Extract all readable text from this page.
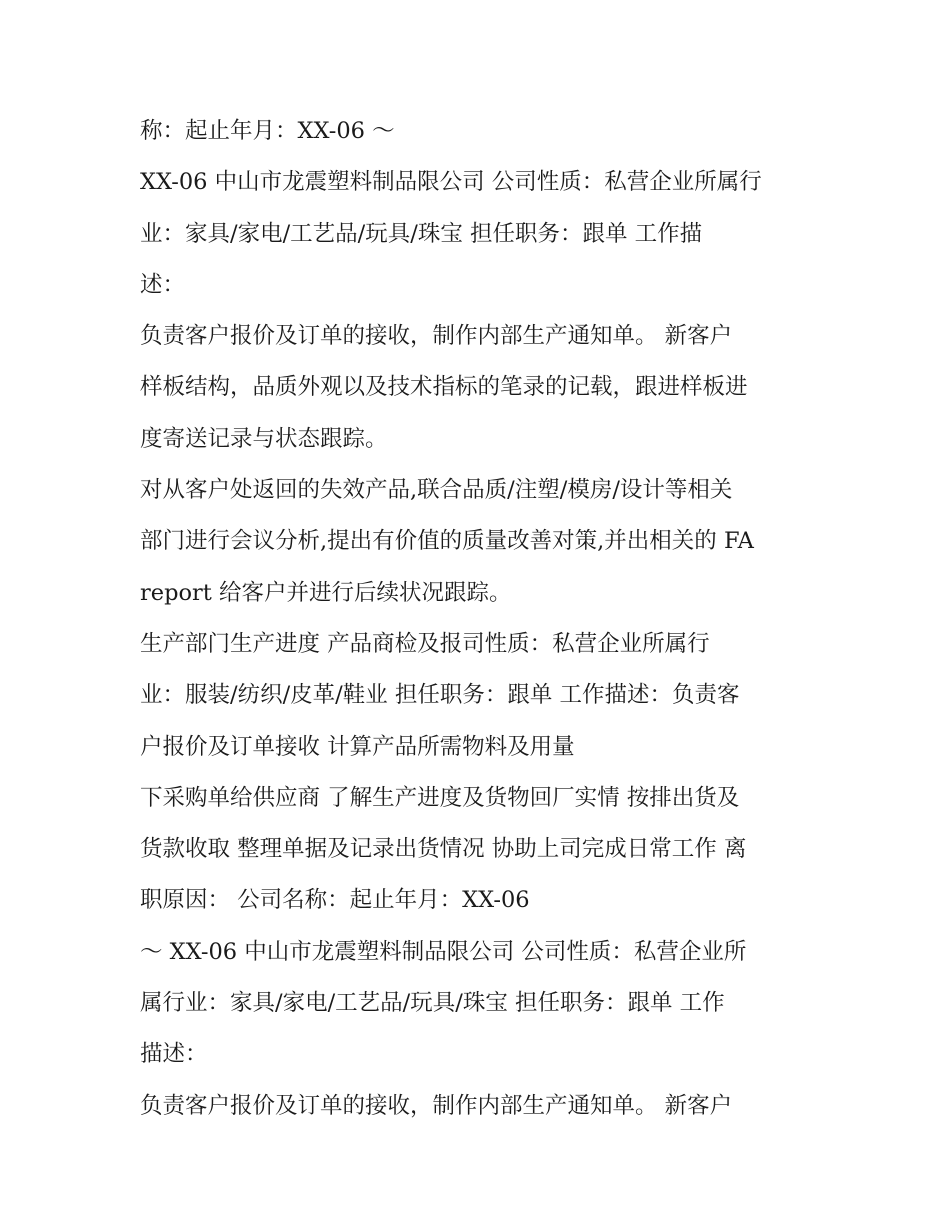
称：起止年月：XX-06 ～
XX-06 中山市龙震塑料制品限公司 公司性质：私营企业所属行
业：家具/家电/工艺品/玩具/珠宝 担任职务：跟单 工作描
述：
负责客户报价及订单的接收，制作内部生产通知单。 新客户
样板结构，品质外观以及技术指标的笔录的记载，跟进样板进
度寄送记录与状态跟踪。
对从客户处返回的失效产品,联合品质/注塑/模房/设计等相关
部门进行会议分析,提出有价值的质量改善对策,并出相关的 FA
report 给客户并进行后续状况跟踪。
生产部门生产进度 产品商检及报司性质：私营企业所属行
业：服装/纺织/皮革/鞋业 担任职务：跟单 工作描述：负责客
户报价及订单接收 计算产品所需物料及用量
下采购单给供应商 了解生产进度及货物回厂实情 按排出货及
货款收取 整理单据及记录出货情况 协助上司完成日常工作 离
职原因： 公司名称：起止年月：XX-06
～ XX-06 中山市龙震塑料制品限公司 公司性质：私营企业所
属行业：家具/家电/工艺品/玩具/珠宝 担任职务：跟单 工作
描述：
负责客户报价及订单的接收，制作内部生产通知单。 新客户
